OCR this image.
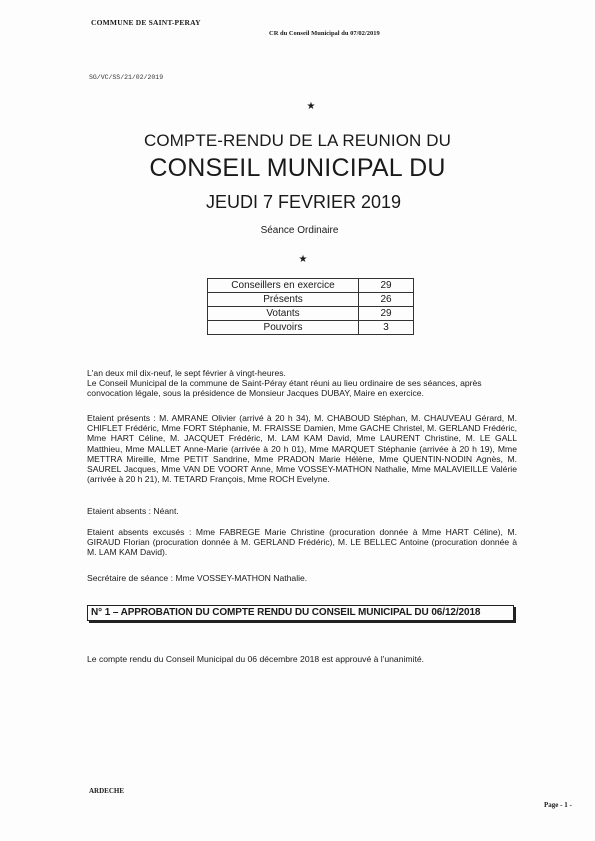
COMMUNE DE SAINT-PERAY
CR du Conseil Municipal du 07/02/2019
SG/VC/SS/21/02/2019
★
COMPTE-RENDU DE LA REUNION DU
CONSEIL MUNICIPAL DU
JEUDI 7 FEVRIER 2019
Séance Ordinaire
★
Conseillers en exercice	29
Présents	26
Votants	29
Pouvoirs	3
L'an deux mil dix-neuf, le sept février à vingt-heures.
Le Conseil Municipal de la commune de Saint-Péray étant réuni au lieu ordinaire de ses séances, après convocation légale, sous la présidence de Monsieur Jacques DUBAY, Maire en exercice.
Etaient présents : M. AMRANE Olivier (arrivé à 20 h 34), M. CHABOUD Stéphan, M. CHAUVEAU Gérard, M. CHIFLET Frédéric, Mme FORT Stéphanie, M. FRAISSE Damien, Mme GACHE Christel, M. GERLAND Frédéric, Mme HART Céline, M. JACQUET Frédéric, M. LAM KAM David, Mme LAURENT Christine, M. LE GALL Matthieu, Mme MALLET Anne-Marie (arrivée à 20 h 01), Mme MARQUET Stéphanie (arrivée à 20 h 19), Mme METTRA Mireille, Mme PETIT Sandrine, Mme PRADON Marie Hélène, Mme QUENTIN-NODIN Agnès, M. SAUREL Jacques, Mme VAN DE VOORT Anne, Mme VOSSEY-MATHON Nathalie, Mme MALAVIEILLE Valérie (arrivée à 20 h 21), M. TETARD François, Mme ROCH Evelyne.
Etaient absents : Néant.
Etaient absents excusés : Mme FABREGE Marie Christine (procuration donnée à Mme HART Céline), M. GIRAUD Florian (procuration donnée à M. GERLAND Frédéric), M. LE BELLEC Antoine (procuration donnée à M. LAM KAM David).
Secrétaire de séance : Mme VOSSEY-MATHON Nathalie.
N° 1 – APPROBATION DU COMPTE RENDU DU CONSEIL MUNICIPAL DU 06/12/2018
Le compte rendu du Conseil Municipal du 06 décembre 2018 est approuvé à l'unanimité.
ARDECHE
Page - 1 -
